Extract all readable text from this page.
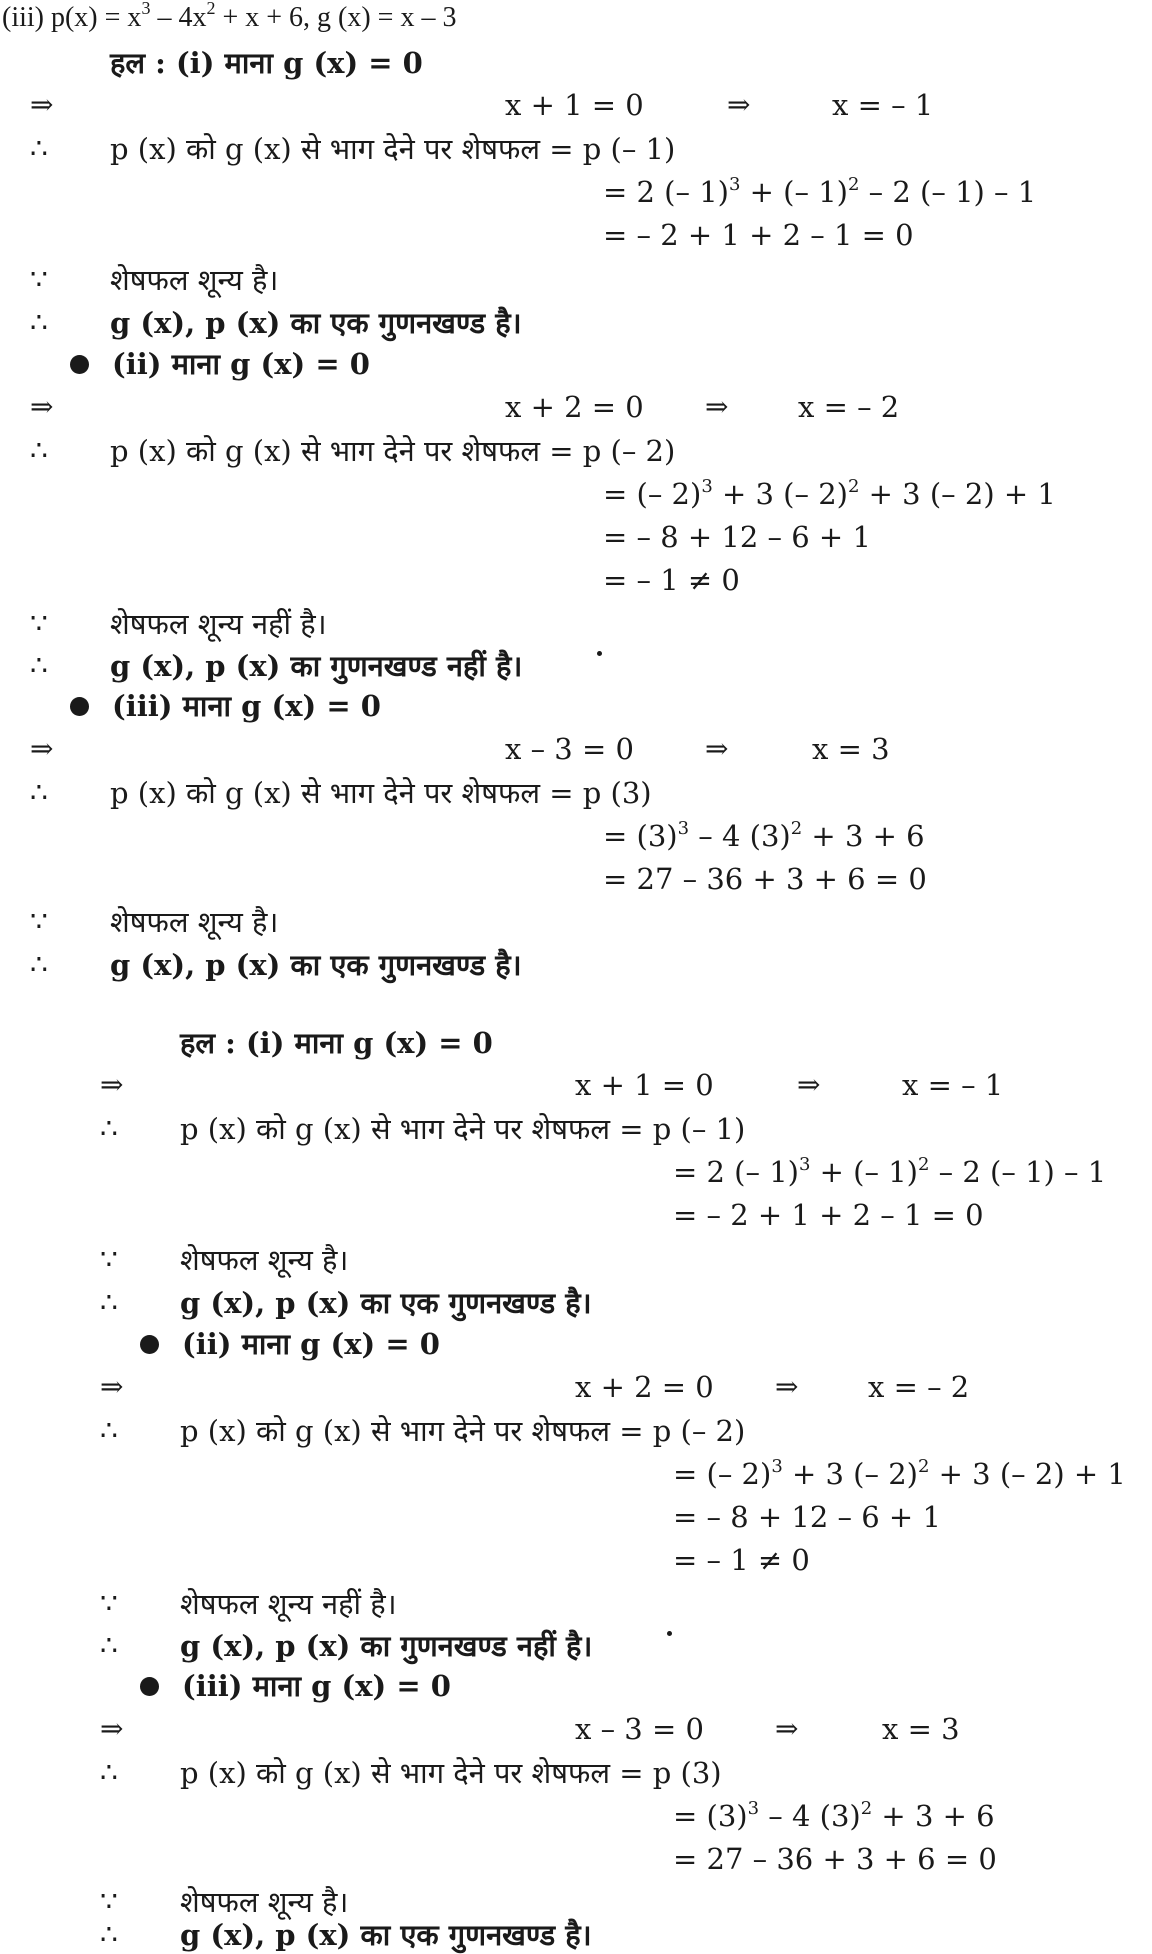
(iii) $p(x) = x^3 - 4x^2 + x + 6$, g (x) = x – 3
हल : (i) माना g (x) = 0
⇒	x + 1 = 0	⇒	x = – 1
∴ p (x) को g (x) से भाग देने पर शेषफल = p (– 1)
= 2 (– 1)$^3$ + (– 1)$^2$ – 2 (– 1) – 1
= – 2 + 1 + 2 – 1 = 0
∵ शेषफल शून्य है।
∴ g (x), p (x) का एक गुणनखण्ड है।
(ii) माना g (x) = 0
⇒	x + 2 = 0 ⇒ x = – 2
∴ p (x) को g (x) से भाग देने पर शेषफल = p (– 2)
= (– 2)$^3$ + 3 (– 2)$^2$ + 3 (– 2) + 1
= – 8 + 12 – 6 + 1
= – 1 ≠ 0
∵ शेषफल शून्य नहीं है।
∴ g (x), p (x) का गुणनखण्ड नहीं है।
(iii) माना g (x) = 0
⇒	x – 3 = 0	⇒	x = 3
∴ p (x) को g (x) से भाग देने पर शेषफल = p (3)
= $(3)^3 - 4$ $(3)^2 + 3 + 6$
= 27 – 36 + 3 + 6 = 0
∵ शेषफल शून्य है।
∴ g (x), p (x) का एक गुणनखण्ड है।
हल : (i) माना g (x) = 0
⇒	x + 1 = 0	⇒	x = – 1
∴ p (x) को g (x) से भाग देने पर शेषफल = p (– 1)
= 2 (– 1)$^3$ + (– 1)$^2$ – 2 (– 1) – 1
= – 2 + 1 + 2 – 1 = 0
∵ शेषफल शून्य है।
∴ g (x), p (x) का एक गुणनखण्ड है।
(ii) माना g (x) = 0
⇒	x + 2 = 0 ⇒ x = – 2
∴ p (x) को g (x) से भाग देने पर शेषफल = p (– 2)
= (– 2)$^3$ + 3 (– 2)$^2$ + 3 (– 2) + 1
= – 8 + 12 – 6 + 1
= – 1 ≠ 0
∵ शेषफल शून्य नहीं है।
∴ g (x), p (x) का गुणनखण्ड नहीं है।
(iii) माना g (x) = 0
⇒	x – 3 = 0	⇒	x = 3
∴ p (x) को g (x) से भाग देने पर शेषफल = p (3)
= $(3)^3 - 4$ $(3)^2 + 3 + 6$
= 27 – 36 + 3 + 6 = 0
∵ शेषफल शून्य है।
∴ g (x), p (x) का एक गुणनखण्ड है।
